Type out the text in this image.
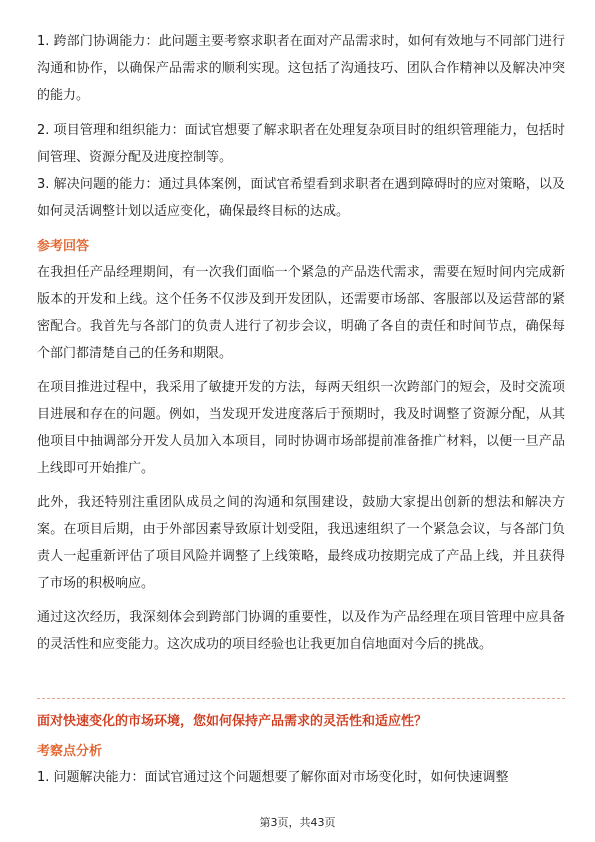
1. 跨部门协调能力：此问题主要考察求职者在面对产品需求时，如何有效地与不同部门进行沟通和协作，以确保产品需求的顺利实现。这包括了沟通技巧、团队合作精神以及解决冲突的能力。

2. 项目管理和组织能力：面试官想要了解求职者在处理复杂项目时的组织管理能力，包括时间管理、资源分配及进度控制等。

3. 解决问题的能力：通过具体案例，面试官希望看到求职者在遇到障碍时的应对策略，以及如何灵活调整计划以适应变化，确保最终目标的达成。

参考回答

在我担任产品经理期间，有一次我们面临一个紧急的产品迭代需求，需要在短时间内完成新版本的开发和上线。这个任务不仅涉及到开发团队，还需要市场部、客服部以及运营部的紧密配合。我首先与各部门的负责人进行了初步会议，明确了各自的责任和时间节点，确保每个部门都清楚自己的任务和期限。

在项目推进过程中，我采用了敏捷开发的方法，每两天组织一次跨部门的短会，及时交流项目进展和存在的问题。例如，当发现开发进度落后于预期时，我及时调整了资源分配，从其他项目中抽调部分开发人员加入本项目，同时协调市场部提前准备推广材料，以便一旦产品上线即可开始推广。

此外，我还特别注重团队成员之间的沟通和氛围建设，鼓励大家提出创新的想法和解决方案。在项目后期，由于外部因素导致原计划受阻，我迅速组织了一个紧急会议，与各部门负责人一起重新评估了项目风险并调整了上线策略，最终成功按期完成了产品上线，并且获得了市场的积极响应。

通过这次经历，我深刻体会到跨部门协调的重要性，以及作为产品经理在项目管理中应具备的灵活性和应变能力。这次成功的项目经验也让我更加自信地面对今后的挑战。

面对快速变化的市场环境，您如何保持产品需求的灵活性和适应性？

考察点分析

1. 问题解决能力：面试官通过这个问题想要了解你面对市场变化时，如何快速调整

第3页，共43页
